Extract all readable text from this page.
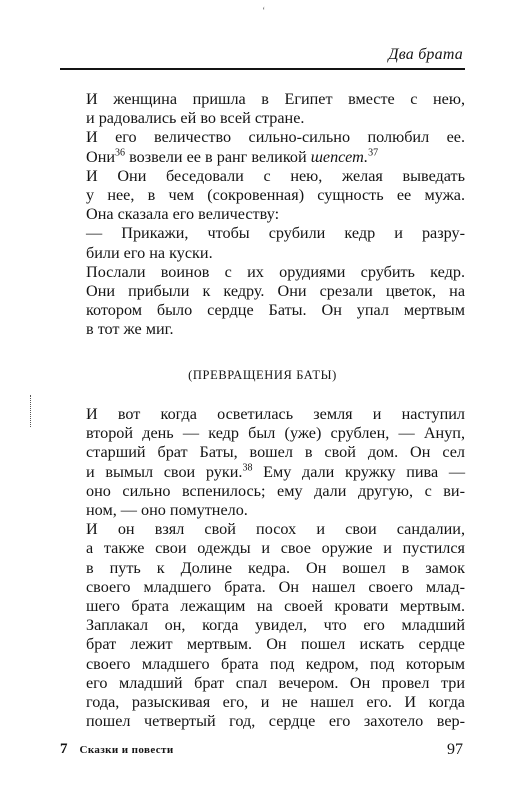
‘
Два брата

И женщина пришла в Египет вместе с нею,
и радовались ей во всей стране.

И его величество сильно-сильно полюбил ее.
Они$^{36}$ возвели ее в ранг великой шепсет.$^{37}$

И Они беседовали с нею, желая выведать
у нее, в чем (сокровенная) сущность ее мужа.
Она сказала его величеству:

— Прикажи, чтобы срубили кедр и разру-
били его на куски.

Послали воинов с их орудиями срубить кедр.
Они прибыли к кедру. Они срезали цветок, на
котором было сердце Баты. Он упал мертвым
в тот же миг.

(ПРЕВРАЩЕНИЯ БАТЫ)

И вот когда осветилась земля и наступил
второй день — кедр был (уже) срублен, — Ануп,
старший брат Баты, вошел в свой дом. Он сел
и вымыл свои руки.$^{38}$ Ему дали кружку пива —
оно сильно вспенилось; ему дали другую, с ви-
ном, — оно помутнело.

И он взял свой посох и свои сандалии,
а также свои одежды и свое оружие и пустился
в путь к Долине кедра. Он вошел в замок
своего младшего брата. Он нашел своего млад-
шего брата лежащим на своей кровати мертвым.
Заплакал он, когда увидел, что его младший
брат лежит мертвым. Он пошел искать сердце
своего младшего брата под кедром, под которым
его младший брат спал вечером. Он провел три
года, разыскивая его, и не нашел его. И когда
пошел четвертый год, сердце его захотело вер-

7 Сказки и повести	97
